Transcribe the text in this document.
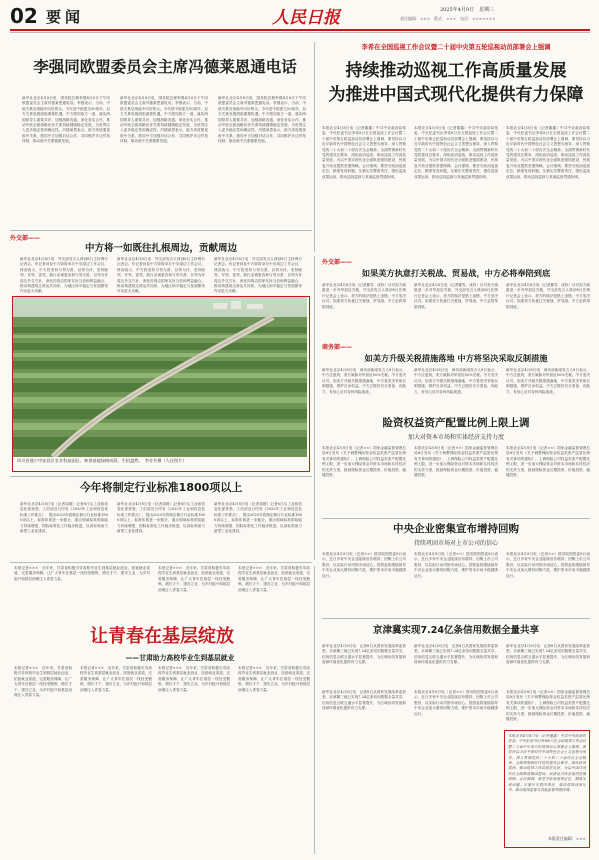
02 要闻	人民日报	2025年4月9日　星期三
责任编辑：×××　版式：×××　电话：×××××××
李强同欧盟委员会主席冯德莱恩通电话
新华社北京4月8日电　国务院总理李强4月8日下午同欧盟委员会主席冯德莱恩通电话。李强表示，当前，中欧关系呈现稳中向好势头。今年是中欧建交50周年，双方关系发展面临重要机遇。中方愿同欧方一道，落实两国领导人重要共识，加强战略沟通，深化务实合作，推动中欧全面战略伙伴关系持续健康稳定发展，为世界注入更多稳定性和确定性。冯德莱恩表示，欧方高度重视欧中关系，愿同中方加强对话合作，共同维护多边贸易体制，推动欧中关系健康发展。
新华社北京4月8日电　国务院总理李强4月8日下午同欧盟委员会主席冯德莱恩通电话。李强表示，当前，中欧关系呈现稳中向好势头。今年是中欧建交50周年，双方关系发展面临重要机遇。中方愿同欧方一道，落实两国领导人重要共识，加强战略沟通，深化务实合作，推动中欧全面战略伙伴关系持续健康稳定发展，为世界注入更多稳定性和确定性。冯德莱恩表示，欧方高度重视欧中关系，愿同中方加强对话合作，共同维护多边贸易体制，推动欧中关系健康发展。
新华社北京4月8日电　国务院总理李强4月8日下午同欧盟委员会主席冯德莱恩通电话。李强表示，当前，中欧关系呈现稳中向好势头。今年是中欧建交50周年，双方关系发展面临重要机遇。中方愿同欧方一道，落实两国领导人重要共识，加强战略沟通，深化务实合作，推动中欧全面战略伙伴关系持续健康稳定发展，为世界注入更多稳定性和确定性。冯德莱恩表示，欧方高度重视欧中关系，愿同中方加强对话合作，共同维护多边贸易体制，推动欧中关系健康发展。
李希在全国巡视工作会议暨二十届中央第五轮巡视动员部署会上强调
持续推动巡视工作高质量发展
为推进中国式现代化提供有力保障
本报北京4月8日电（记者董鑫）中共中央政治局常委、中央纪委书记李希8日在全国巡视工作会议暨二十届中央第五轮巡视动员部署会上强调，要坚持以习近平新时代中国特色社会主义思想为指导，深入贯彻党的二十大和二十届历次全会精神，全面贯彻新时代党的建设总要求，深化政治巡视，推动巡视工作高质量发展，为以中国式现代化全面推进强国建设、民族复兴伟业提供坚强保障。会议强调，要坚守政治巡视定位，精准发现问题，压紧压实整改责任，强化巡视成果运用，推动巡视监督与其他监督贯通协调。
本报北京4月8日电（记者董鑫）中共中央政治局常委、中央纪委书记李希8日在全国巡视工作会议暨二十届中央第五轮巡视动员部署会上强调，要坚持以习近平新时代中国特色社会主义思想为指导，深入贯彻党的二十大和二十届历次全会精神，全面贯彻新时代党的建设总要求，深化政治巡视，推动巡视工作高质量发展，为以中国式现代化全面推进强国建设、民族复兴伟业提供坚强保障。会议强调，要坚守政治巡视定位，精准发现问题，压紧压实整改责任，强化巡视成果运用，推动巡视监督与其他监督贯通协调。
本报北京4月8日电（记者董鑫）中共中央政治局常委、中央纪委书记李希8日在全国巡视工作会议暨二十届中央第五轮巡视动员部署会上强调，要坚持以习近平新时代中国特色社会主义思想为指导，深入贯彻党的二十大和二十届历次全会精神，全面贯彻新时代党的建设总要求，深化政治巡视，推动巡视工作高质量发展，为以中国式现代化全面推进强国建设、民族复兴伟业提供坚强保障。会议强调，要坚守政治巡视定位，精准发现问题，压紧压实整改责任，强化巡视成果运用，推动巡视监督与其他监督贯通协调。
外交部——
中方将一如既往扎根周边，贡献周边
新华社北京4月8日电　外交部发言人林剑8日主持例行记者会。有记者问及中方即将举办中央周边工作会议，林剑表示，中方将坚持与邻为善、以邻为伴，坚持睦邻、安邻、富邻，践行亲诚惠容和与邻为善、以邻为伴周边外交方针，深化同周边国家友好互信和利益融合，推动构建周边命运共同体，为地区和平稳定与发展繁荣作出更大贡献。
新华社北京4月8日电　外交部发言人林剑8日主持例行记者会。有记者问及中方即将举办中央周边工作会议，林剑表示，中方将坚持与邻为善、以邻为伴，坚持睦邻、安邻、富邻，践行亲诚惠容和与邻为善、以邻为伴周边外交方针，深化同周边国家友好互信和利益融合，推动构建周边命运共同体，为地区和平稳定与发展繁荣作出更大贡献。
新华社北京4月8日电　外交部发言人林剑8日主持例行记者会。有记者问及中方即将举办中央周边工作会议，林剑表示，中方将坚持与邻为善、以邻为伴，坚持睦邻、安邻、富邻，践行亲诚惠容和与邻为善、以邻为伴周边外交方针，深化同周边国家友好互信和利益融合，推动构建周边命运共同体，为地区和平稳定与发展繁荣作出更大贡献。
四川省遂宁市安居区农业科技园区，林果基地绿树成荫、生机盎然。　李芳芳摄（人民图片）
外交部——
如果美方执意打关税战、贸易战，中方必将奉陪到底
新华社北京4月8日电（记者董雪、成欣）针对美方威胁进一步对华加征关税，外交部发言人林剑8日在例行记者会上表示，美方的做法是错上加错，中方坚决反对。如果美方执意打关税战、贸易战，中方必将奉陪到底。
新华社北京4月8日电（记者董雪、成欣）针对美方威胁进一步对华加征关税，外交部发言人林剑8日在例行记者会上表示，美方的做法是错上加错，中方坚决反对。如果美方执意打关税战、贸易战，中方必将奉陪到底。
新华社北京4月8日电（记者董雪、成欣）针对美方威胁进一步对华加征关税，外交部发言人林剑8日在例行记者会上表示，美方的做法是错上加错，中方坚决反对。如果美方执意打关税战、贸易战，中方必将奉陪到底。
商务部——
如美方升级关税措施落地 中方将坚决采取反制措施
新华社北京4月8日电　商务部新闻发言人8日表示，中方注意到，美方威胁对华加征50%关税。中方坚决反对。如美方升级关税措施落地，中方将坚决采取反制措施，维护自身权益。中方已做好充分准备，有能力、有信心应对各种风险挑战。
新华社北京4月8日电　商务部新闻发言人8日表示，中方注意到，美方威胁对华加征50%关税。中方坚决反对。如美方升级关税措施落地，中方将坚决采取反制措施，维护自身权益。中方已做好充分准备，有能力、有信心应对各种风险挑战。
新华社北京4月8日电　商务部新闻发言人8日表示，中方注意到，美方威胁对华加征50%关税。中方坚决反对。如美方升级关税措施落地，中方将坚决采取反制措施，维护自身权益。中方已做好充分准备，有能力、有信心应对各种风险挑战。
险资权益资产配置比例上限上调
加大对资本市场和实体经济支持力度
本报北京4月8日电（记者××）国家金融监督管理总局8日发布《关于调整保险资金权益类资产监管比例有关事项的通知》，上调保险公司权益类资产配置比例上限，进一步加大保险资金对资本市场和实体经济的支持力度，鼓励保险资金长期投资、价值投资、稳健投资。
本报北京4月8日电（记者××）国家金融监督管理总局8日发布《关于调整保险资金权益类资产监管比例有关事项的通知》，上调保险公司权益类资产配置比例上限，进一步加大保险资金对资本市场和实体经济的支持力度，鼓励保险资金长期投资、价值投资、稳健投资。
本报北京4月8日电（记者××）国家金融监督管理总局8日发布《关于调整保险资金权益类资产监管比例有关事项的通知》，上调保险公司权益类资产配置比例上限，进一步加大保险资金对资本市场和实体经济的支持力度，鼓励保险资金长期投资、价值投资、稳健投资。
今年将制定行业标准1800项以上
新华社北京4月8日电（记者周圆）记者8日从工业和信息化部获悉，工信部近日印发《2025年工业和信息化标准工作要点》，提出2025年将制定修订行业标准1800项以上，标准体系进一步健全，重点领域标准供给能力持续增强，国际标准化工作稳步推进，以高标准助力新型工业化建设。
新华社北京4月8日电（记者周圆）记者8日从工业和信息化部获悉，工信部近日印发《2025年工业和信息化标准工作要点》，提出2025年将制定修订行业标准1800项以上，标准体系进一步健全，重点领域标准供给能力持续增强，国际标准化工作稳步推进，以高标准助力新型工业化建设。
新华社北京4月8日电（记者周圆）记者8日从工业和信息化部获悉，工信部近日印发《2025年工业和信息化标准工作要点》，提出2025年将制定修订行业标准1800项以上，标准体系进一步健全，重点领域标准供给能力持续增强，国际标准化工作稳步推进，以高标准助力新型工业化建设。	中央企业密集宣布增持回购
持续巩固市场对上市公司的信心
本报北京4月8日电（记者××）国务院国资委8日表示，近日多家中央企业陆续宣布增持、回购上市公司股份，以实际行动巩固市场信心。国资委将继续指导中央企业加大增持回购力度，维护资本市场平稳健康运行。
本报北京4月8日电（记者××）国务院国资委8日表示，近日多家中央企业陆续宣布增持、回购上市公司股份，以实际行动巩固市场信心。国资委将继续指导中央企业加大增持回购力度，维护资本市场平稳健康运行。
本报北京4月8日电（记者××）国务院国资委8日表示，近日多家中央企业陆续宣布增持、回购上市公司股份，以实际行动巩固市场信心。国资委将继续指导中央企业加大增持回购力度，维护资本市场平稳健康运行。
本报记者×××　近年来，甘肃省积极引导高校毕业生到基层就业创业，拓宽就业渠道，完善服务保障，让广大青年在基层一线经受锻炼、增长才干、建功立业，为乡村振兴和基层治理注入青春力量。
本报记者×××　近年来，甘肃省积极引导高校毕业生到基层就业创业，拓宽就业渠道，完善服务保障，让广大青年在基层一线经受锻炼、增长才干、建功立业，为乡村振兴和基层治理注入青春力量。
让青春在基层绽放
——甘肃助力高校毕业生到基层就业
本报记者×××　近年来，甘肃省积极引导高校毕业生到基层就业创业，拓宽就业渠道，完善服务保障，让广大青年在基层一线经受锻炼、增长才干、建功立业，为乡村振兴和基层治理注入青春力量。
本报记者×××　近年来，甘肃省积极引导高校毕业生到基层就业创业，拓宽就业渠道，完善服务保障，让广大青年在基层一线经受锻炼、增长才干、建功立业，为乡村振兴和基层治理注入青春力量。
本报记者×××　近年来，甘肃省积极引导高校毕业生到基层就业创业，拓宽就业渠道，完善服务保障，让广大青年在基层一线经受锻炼、增长才干、建功立业，为乡村振兴和基层治理注入青春力量。
本报记者×××　近年来，甘肃省积极引导高校毕业生到基层就业创业，拓宽就业渠道，完善服务保障，让广大青年在基层一线经受锻炼、增长才干、建功立业，为乡村振兴和基层治理注入青春力量。
本报记者×××　近年来，甘肃省积极引导高校毕业生到基层就业创业，拓宽就业渠道，完善服务保障，让广大青年在基层一线经受锻炼、增长才干、建功立业，为乡村振兴和基层治理注入青春力量。
京津冀实现7.24亿条信用数据全量共享
新华社北京4月8日电　记者8日从国家发展改革委获悉，京津冀三地已实现7.24亿条信用数据全量共享，信用信息互联互通水平显著提升，为区域协同发展和营商环境优化提供有力支撑。
新华社北京4月8日电　记者8日从国家发展改革委获悉，京津冀三地已实现7.24亿条信用数据全量共享，信用信息互联互通水平显著提升，为区域协同发展和营商环境优化提供有力支撑。
新华社北京4月8日电　记者8日从国家发展改革委获悉，京津冀三地已实现7.24亿条信用数据全量共享，信用信息互联互通水平显著提升，为区域协同发展和营商环境优化提供有力支撑。
新华社北京4月8日电　记者8日从国家发展改革委获悉，京津冀三地已实现7.24亿条信用数据全量共享，信用信息互联互通水平显著提升，为区域协同发展和营商环境优化提供有力支撑。
本报北京4月8日电（记者××）国务院国资委8日表示，近日多家中央企业陆续宣布增持、回购上市公司股份，以实际行动巩固市场信心。国资委将继续指导中央企业加大增持回购力度，维护资本市场平稳健康运行。
本报北京4月8日电（记者董鑫）中共中央政治局常委、中央纪委书记李希8日在全国巡视工作会议暨二十届中央第五轮巡视动员部署会上强调，要坚持以习近平新时代中国特色社会主义思想为指导，深入贯彻党的二十大和二十届历次全会精神，全面贯彻新时代党的建设总要求，深化政治巡视，推动巡视工作高质量发展，为以中国式现代化全面推进强国建设、民族复兴伟业提供坚强保障。会议强调，要坚守政治巡视定位，精准发现问题，压紧压实整改责任，强化巡视成果运用，推动巡视监督与其他监督贯通协调。
本版责任编辑：×××
本报北京4月8日电（记者××）国家金融监督管理总局8日发布《关于调整保险资金权益类资产监管比例有关事项的通知》，上调保险公司权益类资产配置比例上限，进一步加大保险资金对资本市场和实体经济的支持力度，鼓励保险资金长期投资、价值投资、稳健投资。
